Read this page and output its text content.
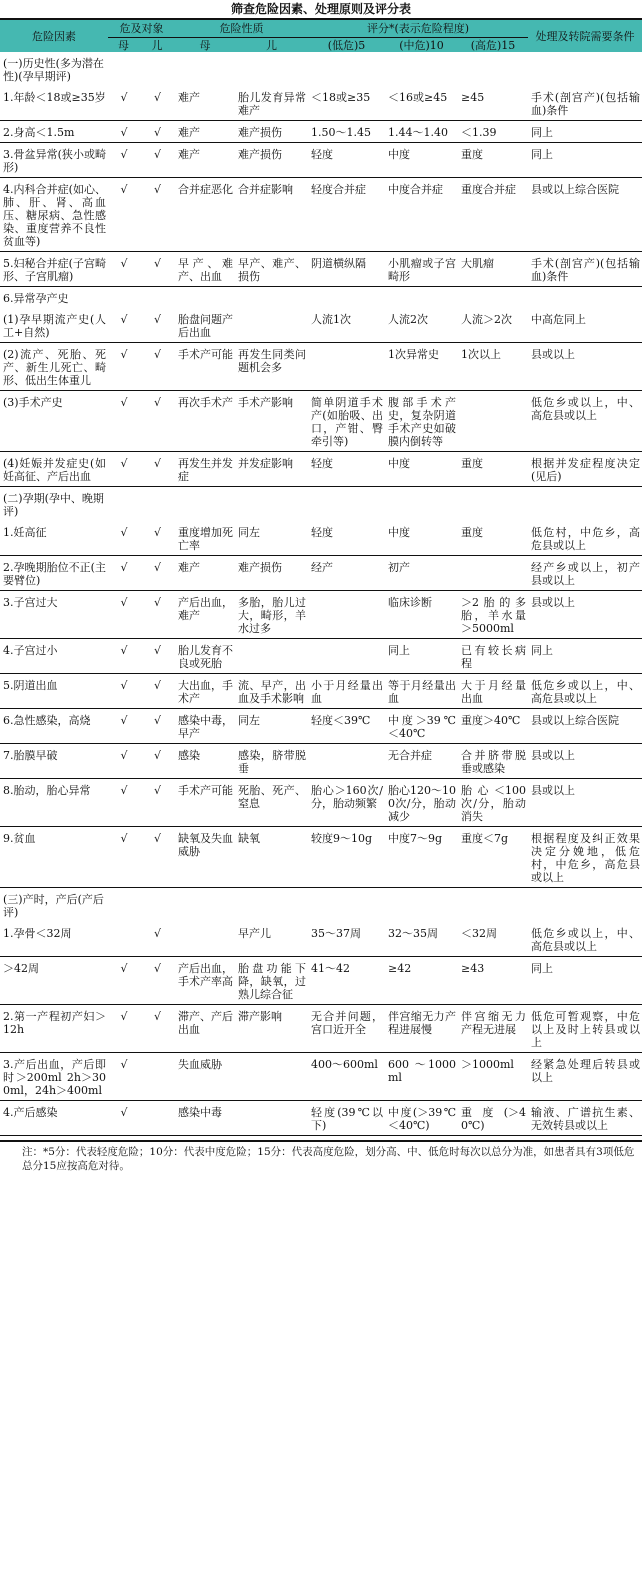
筛查危险因素、处理原则及评分表
危险因素	危及对象		危险性质		评分*(表示危险程度)			处理及转院需要条件
	母	儿	母	儿	(低危)5	(中危)10	(高危)15	
(一)历史性(多为潜在性)(孕早期评)								
1.年龄＜18或≥35岁	√	√	难产	胎儿发育异常难产	＜18或≥35	＜16或≥45	≥45	手术(剖宫产)(包括输血)条件
2.身高＜1.5m	√	√	难产	难产损伤	1.50～1.45	1.44～1.40	＜1.39	同上
3.骨盆异常(狭小或畸形)	√	√	难产	难产损伤	轻度	中度	重度	同上
4.内科合并症(如心、肺、肝、肾、高血压、糖尿病、急性感染、重度营养不良性贫血等)	√	√	合并症恶化	合并症影响	轻度合并症	中度合并症	重度合并症	县或以上综合医院
5.妇秘合并症(子宫畸形、子宫肌瘤)	√	√	早产、难产、出血	早产、难产、损伤	阴道横纵隔	小肌瘤或子宫畸形	大肌瘤	手术(剖宫产)(包括输血)条件
6.异常孕产史								
(1)孕早期流产史(人工+自然)	√	√	胎盘问题产后出血		人流1次	人流2次	人流＞2次	中高危同上
(2)流产、死胎、死产、新生儿死亡、畸形、低出生体重儿	√	√	手术产可能	再发生同类问题机会多		1次异常史	1次以上	县或以上
(3)手术产史	√	√	再次手术产	手术产影响	简单阴道手术产(如胎吸、出口，产钳、臀牵引等)	腹部手术产史，复杂阴道手术产史如破膜内倒转等		低危乡或以上，中、高危县或以上
(4)妊娠并发症史(如妊高征、产后出血	√	√	再发生并发症	并发症影响	轻度	中度	重度	根据并发症程度决定(见后)
(二)孕期(孕中、晚期评)								
1.妊高征	√	√	重度增加死亡率	同左	轻度	中度	重度	低危村，中危乡，高危县或以上
2.孕晚期胎位不正(主要臂位)	√	√	难产	难产损伤	经产	初产		经产乡或以上，初产县或以上
3.子宫过大	√	√	产后出血，难产	多胎，胎儿过大，畸形，羊水过多		临床诊断	＞2胎的多胎，羊水量＞5000ml	县或以上
4.子宫过小	√	√	胎儿发育不良或死胎			同上	已有较长病程	同上
5.阴道出血	√	√	大出血，手术产	流、早产，出血及手术影响	小于月经量出血	等于月经量出血	大于月经量出血	低危乡或以上，中、高危县或以上
6.急性感染，高烧	√	√	感染中毒，早产	同左	轻度＜39℃	中度＞39℃＜40℃	重度＞40℃	县或以上综合医院
7.胎膜早破	√	√	感染	感染，脐带脱垂		无合并症	合并脐带脱垂或感染	县或以上
8.胎动，胎心异常	√	√	手术产可能	死胎、死产、窒息	胎心＞160次/分，胎动频繁	胎心120～100次/分，胎动减少	胎心＜100次/分，胎动消失	县或以上
9.贫血	√	√	缺氧及失血威胁	缺氧	较度9～10g	中度7～9g	重度＜7g	根据程度及纠正效果决定分娩地，低危村，中危乡，高危县或以上
(三)产时，产后(产后评)								
1.孕骨＜32周		√		早产儿	35～37周	32～35周	＜32周	低危乡或以上，中、高危县或以上
＞42周	√	√	产后出血，手术产率高	胎盘功能下降，缺氧，过熟儿综合征	41～42	≥42	≥43	同上
2.第一产程初产妇＞12h	√	√	滞产、产后出血	滞产影响	无合并问题，宫口近开全	伴宫缩无力产程进展慢	伴宫缩无力产程无进展	低危可暂观察，中危以上及时上转县或以上
3.产后出血，产后即时＞200ml 2h＞300ml，24h＞400ml	√		失血威胁		400～600ml	600 ～1000ml	＞1000ml	经紧急处理后转县或以上
4.产后感染	√		感染中毒		轻度(39℃以下)	中度(＞39℃＜40℃)	重度(＞40℃)	输液、广谱抗生素、无效转县或以上
注：*5分：代表轻度危险；10分：代表中度危险；15分：代表高度危险，划分高、中、低危时每次以总分为准，如患者具有3项低危总分15应按高危对待。
